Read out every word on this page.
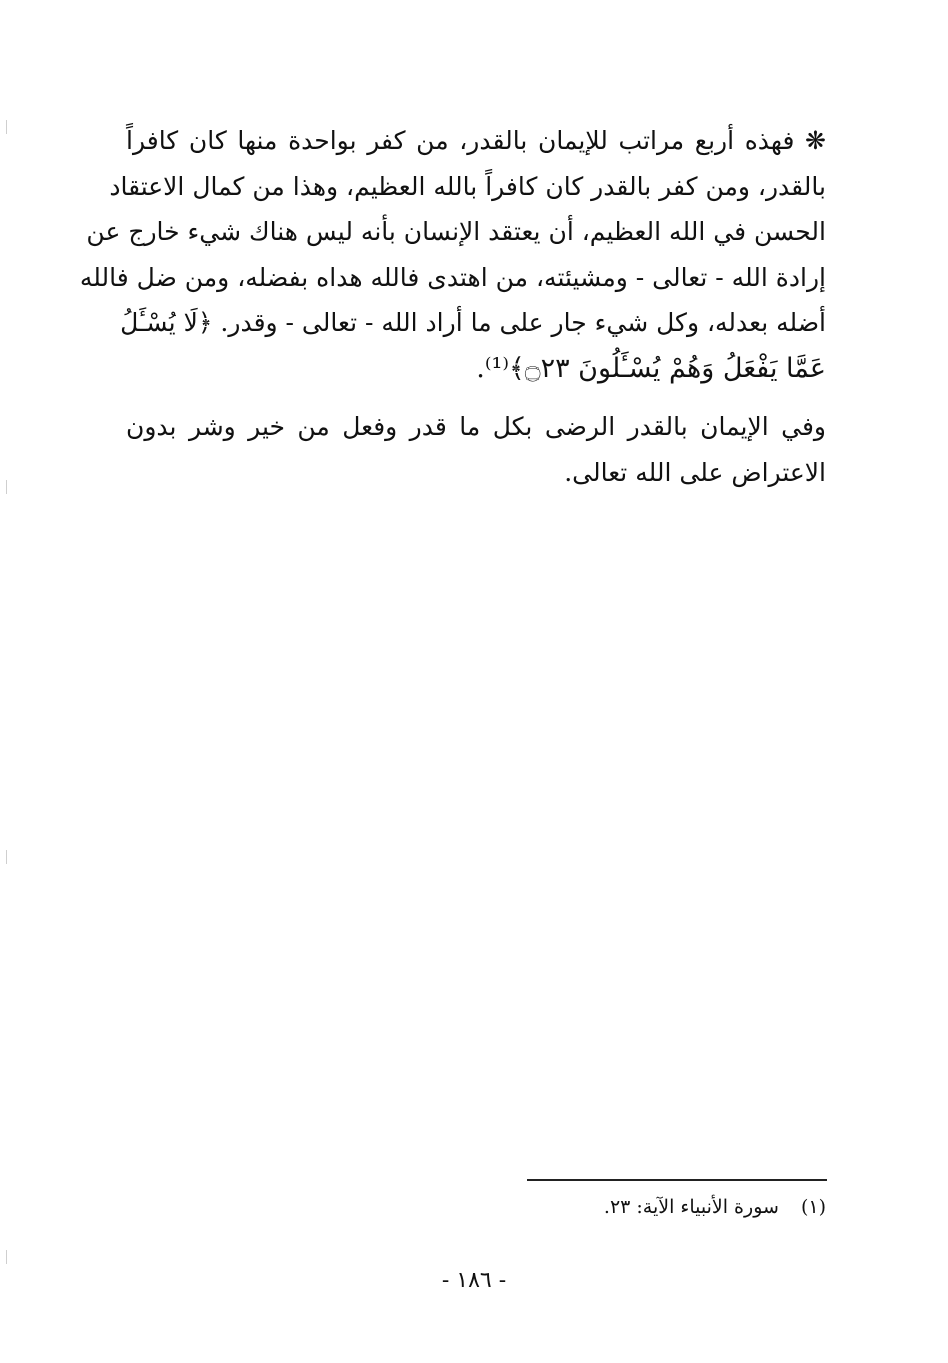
❋ فهذه أربع مراتب للإيمان بالقدر، من كفر بواحدة منها كان كافراً
بالقدر، ومن كفر بالقدر كان كافراً بالله العظيم، وهذا من كمال الاعتقاد
الحسن في الله العظيم، أن يعتقد الإنسان بأنه ليس هناك شيء خارج عن
إرادة الله - تعالى - ومشيئته، من اهتدى فالله هداه بفضله، ومن ضل فالله
أضله بعدله، وكل شيء جار على ما أراد الله - تعالى - وقدر. ﴿لَا يُسْـَٔلُ
عَمَّا يَفْعَلُ وَهُمْ يُسْـَٔلُونَ ۝٢٣﴾⁽¹⁾.

وفي الإيمان بالقدر الرضى بكل ما قدر وفعل من خير وشر بدون
الاعتراض على الله تعالى.

(١)سورة الأنبياء الآية: ٢٣.
- ١٨٦ -
